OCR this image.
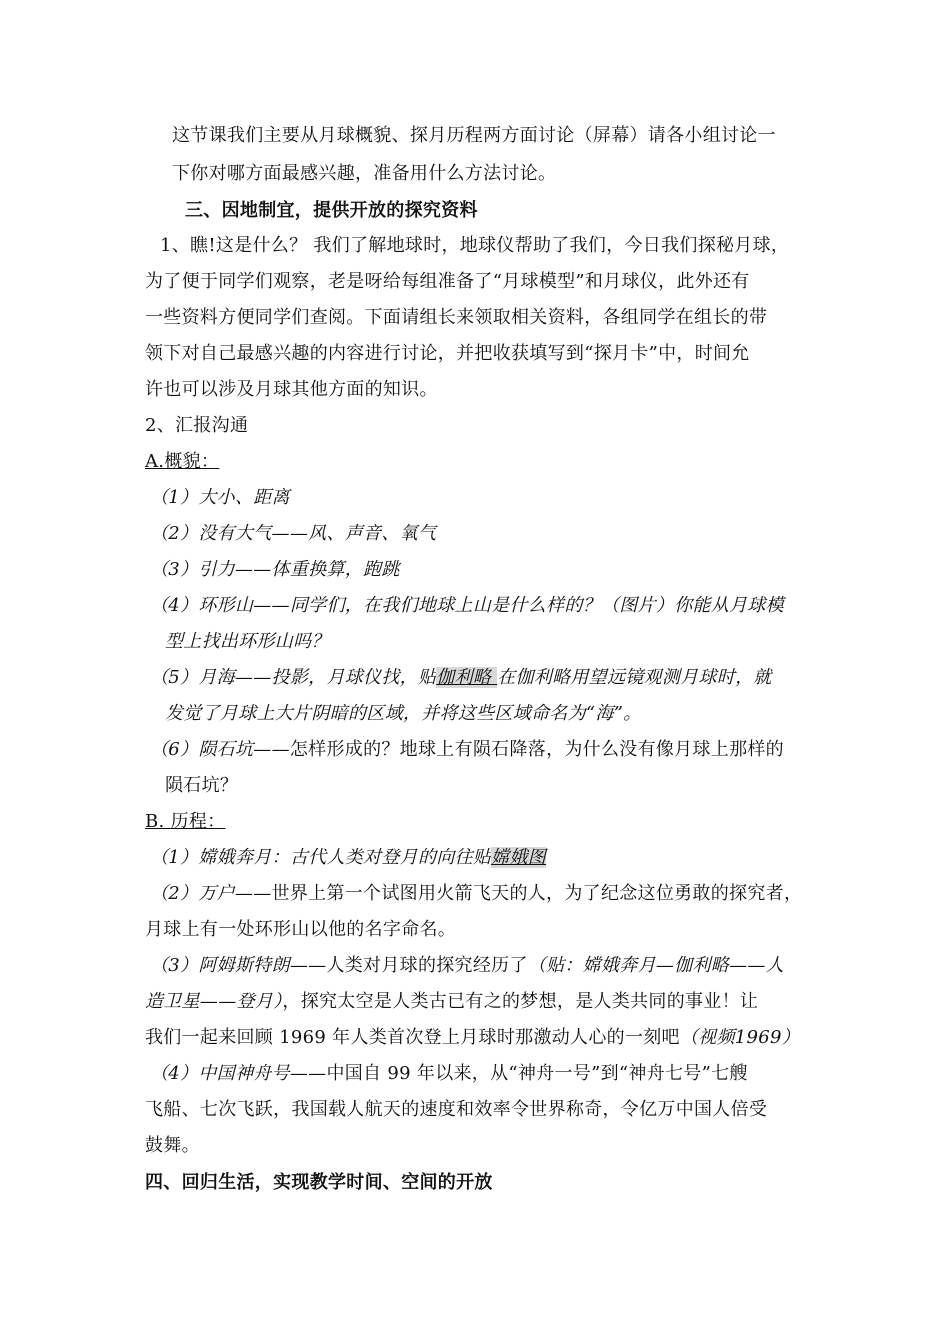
这节课我们主要从月球概貌、探月历程两方面讨论（屏幕）请各小组讨论一
下你对哪方面最感兴趣，准备用什么方法讨论。
三、因地制宜，提供开放的探究资料
1、瞧!这是什么？ 我们了解地球时，地球仪帮助了我们，今日我们探秘月球，
为了便于同学们观察，老是呀给每组准备了“月球模型”和月球仪，此外还有
一些资料方便同学们查阅。下面请组长来领取相关资料，各组同学在组长的带
领下对自己最感兴趣的内容进行讨论，并把收获填写到“探月卡”中，时间允
许也可以涉及月球其他方面的知识。
2、汇报沟通
A.概貌：
（1）大小、距离
（2）没有大气——风、声音、氧气
（3）引力——体重换算，跑跳
（4）环形山——同学们，在我们地球上山是什么样的？（图片）你能从月球模
型上找出环形山吗？
（5）月海——投影，月球仪找，贴伽利略 在伽利略用望远镜观测月球时，就
发觉了月球上大片阴暗的区域，并将这些区域命名为“海”。
（6）陨石坑——怎样形成的？地球上有陨石降落，为什么没有像月球上那样的
陨石坑？
B. 历程：
（1）嫦娥奔月：古代人类对登月的向往贴嫦娥图
（2）万户——世界上第一个试图用火箭飞天的人，为了纪念这位勇敢的探究者，
月球上有一处环形山以他的名字命名。
（3）阿姆斯特朗——人类对月球的探究经历了（贴：嫦娥奔月—伽利略——人
造卫星——登月），探究太空是人类古已有之的梦想，是人类共同的事业！让
我们一起来回顾 1969 年人类首次登上月球时那激动人心的一刻吧（视频1969）
（4）中国神舟号——中国自 99 年以来，从“神舟一号”到“神舟七号”七艘
飞船、七次飞跃，我国载人航天的速度和效率令世界称奇，令亿万中国人倍受
鼓舞。
四、回归生活，实现教学时间、空间的开放
